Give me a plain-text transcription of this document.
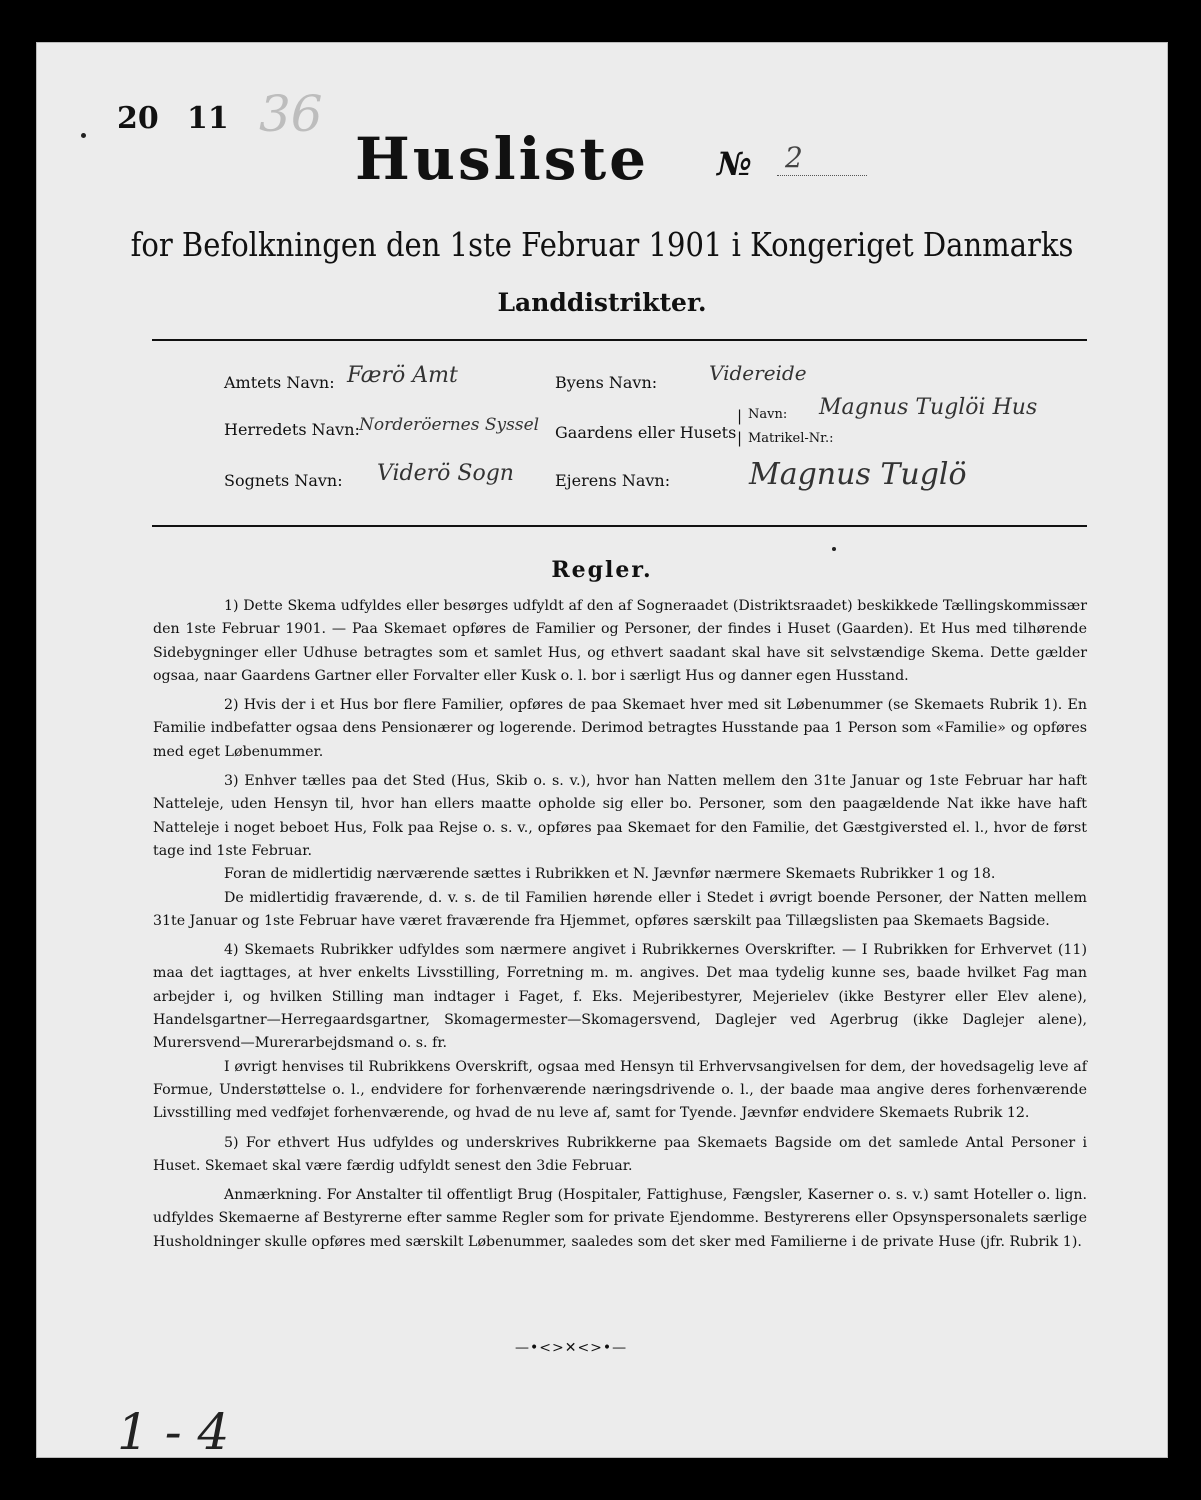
20 11 36
Husliste № 2
for Befolkningen den 1ste Februar 1901 i Kongeriget Danmarks
Landdistrikter.
Amtets Navn: Færö Amt
Herredets Navn: Norderöernes Syssel
Sognets Navn: Viderö Sogn
Byens Navn:	Videreide
Gaardens eller Husets
|
|
Navn: Magnus Tuglöi Hus
Matrikel-Nr.:
Ejerens Navn:	Magnus Tuglö
Regler.

1) Dette Skema udfyldes eller besørges udfyldt af den af Sogneraadet (Distriktsraadet) beskikkede Tællingskommissær den 1ste Februar 1901. — Paa Skemaet opføres de Familier og Personer, der findes i Huset (Gaarden). Et Hus med tilhørende Sidebygninger eller Udhuse betragtes som et samlet Hus, og ethvert saadant skal have sit selvstændige Skema. Dette gælder ogsaa, naar Gaardens Gartner eller Forvalter eller Kusk o. l. bor i særligt Hus og danner egen Husstand.

2) Hvis der i et Hus bor flere Familier, opføres de paa Skemaet hver med sit Løbenummer (se Skemaets Rubrik 1). En Familie indbefatter ogsaa dens Pensionærer og logerende. Derimod betragtes Husstande paa 1 Person som «Familie» og opføres med eget Løbenummer.

3) Enhver tælles paa det Sted (Hus, Skib o. s. v.), hvor han Natten mellem den 31te Januar og 1ste Februar har haft Natteleje, uden Hensyn til, hvor han ellers maatte opholde sig eller bo. Personer, som den paagældende Nat ikke have haft Natteleje i noget beboet Hus, Folk paa Rejse o. s. v., opføres paa Skemaet for den Familie, det Gæstgiversted el. l., hvor de først tage ind 1ste Februar.

Foran de midlertidig nærværende sættes i Rubrikken et N. Jævnfør nærmere Skemaets Rubrikker 1 og 18.

De midlertidig fraværende, d. v. s. de til Familien hørende eller i Stedet i øvrigt boende Personer, der Natten mellem 31te Januar og 1ste Februar have været fraværende fra Hjemmet, opføres særskilt paa Tillægslisten paa Skemaets Bagside.

4) Skemaets Rubrikker udfyldes som nærmere angivet i Rubrikkernes Overskrifter. — I Rubrikken for Erhvervet (11) maa det iagttages, at hver enkelts Livsstilling, Forretning m. m. angives. Det maa tydelig kunne ses, baade hvilket Fag man arbejder i, og hvilken Stilling man indtager i Faget, f. Eks. Mejeribestyrer, Mejerielev (ikke Bestyrer eller Elev alene), Handelsgartner—Herregaardsgartner, Skomagermester—Skomagersvend, Daglejer ved Agerbrug (ikke Daglejer alene), Murersvend—Murerarbejdsmand o. s. fr.

I øvrigt henvises til Rubrikkens Overskrift, ogsaa med Hensyn til Erhvervsangivelsen for dem, der hovedsagelig leve af Formue, Understøttelse o. l., endvidere for forhenværende næringsdrivende o. l., der baade maa angive deres forhenværende Livsstilling med vedføjet forhenværende, og hvad de nu leve af, samt for Tyende. Jævnfør endvidere Skemaets Rubrik 12.

5) For ethvert Hus udfyldes og underskrives Rubrikkerne paa Skemaets Bagside om det samlede Antal Personer i Huset. Skemaet skal være færdig udfyldt senest den 3die Februar.

Anmærkning. For Anstalter til offentligt Brug (Hospitaler, Fattighuse, Fængsler, Kaserner o. s. v.) samt Hoteller o. lign. udfyldes Skemaerne af Bestyrerne efter samme Regler som for private Ejendomme. Bestyrerens eller Opsynspersonalets særlige Husholdninger skulle opføres med særskilt Løbenummer, saaledes som det sker med Familierne i de private Huse (jfr. Rubrik 1).

—•<>✕<>•—
1 - 4
